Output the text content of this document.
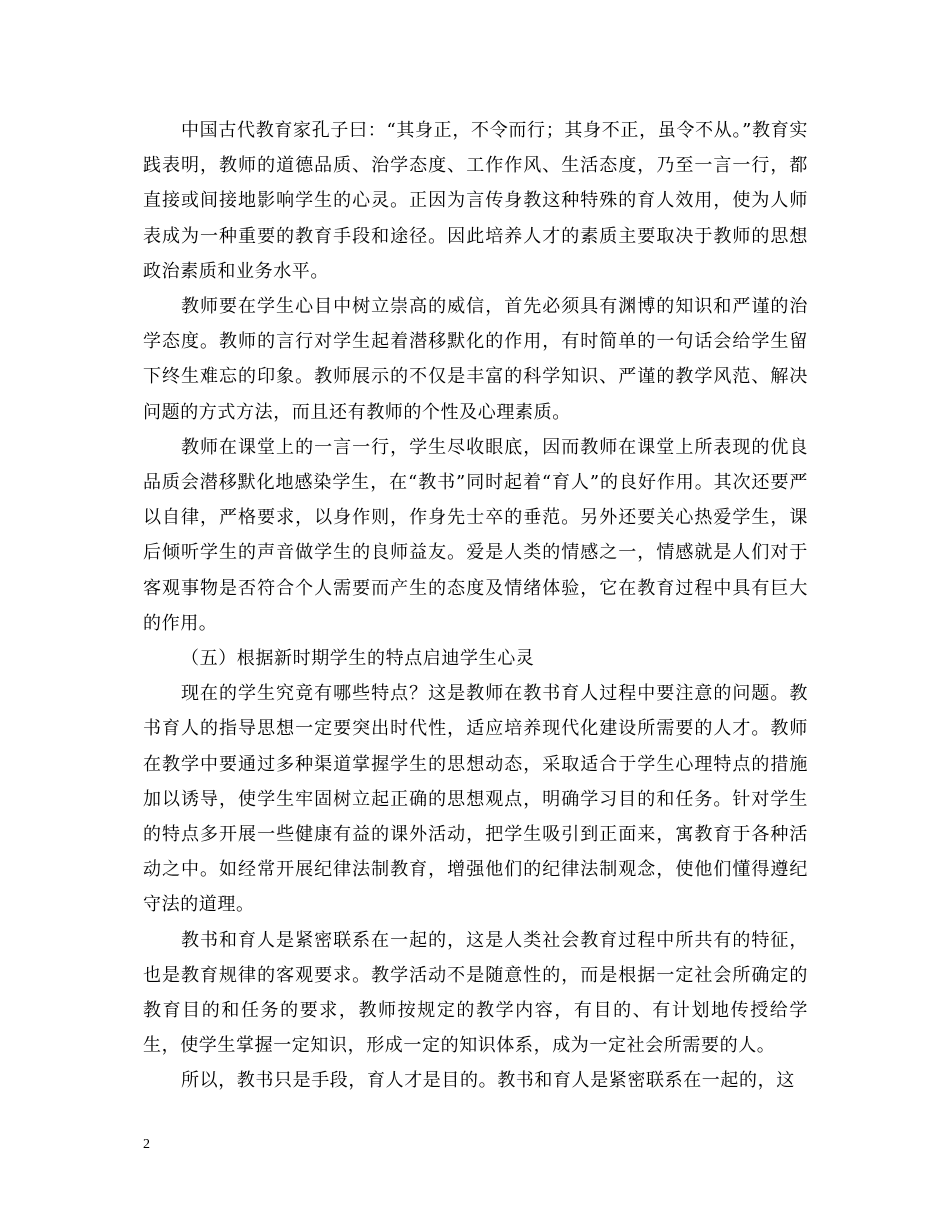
中国古代教育家孔子曰：“其身正，不令而行；其身不正，虽令不从。”教育实践表明，教师的道德品质、治学态度、工作作风、生活态度，乃至一言一行，都直接或间接地影响学生的心灵。正因为言传身教这种特殊的育人效用，使为人师表成为一种重要的教育手段和途径。因此培养人才的素质主要取决于教师的思想政治素质和业务水平。

教师要在学生心目中树立崇高的威信，首先必须具有渊博的知识和严谨的治学态度。教师的言行对学生起着潜移默化的作用，有时简单的一句话会给学生留下终生难忘的印象。教师展示的不仅是丰富的科学知识、严谨的教学风范、解决问题的方式方法，而且还有教师的个性及心理素质。

教师在课堂上的一言一行，学生尽收眼底，因而教师在课堂上所表现的优良品质会潜移默化地感染学生，在“教书”同时起着“育人”的良好作用。其次还要严以自律，严格要求，以身作则，作身先士卒的垂范。另外还要关心热爱学生，课后倾听学生的声音做学生的良师益友。爱是人类的情感之一，情感就是人们对于客观事物是否符合个人需要而产生的态度及情绪体验，它在教育过程中具有巨大的作用。

（五）根据新时期学生的特点启迪学生心灵

现在的学生究竟有哪些特点？这是教师在教书育人过程中要注意的问题。教书育人的指导思想一定要突出时代性，适应培养现代化建设所需要的人才。教师在教学中要通过多种渠道掌握学生的思想动态，采取适合于学生心理特点的措施加以诱导，使学生牢固树立起正确的思想观点，明确学习目的和任务。针对学生的特点多开展一些健康有益的课外活动，把学生吸引到正面来，寓教育于各种活动之中。如经常开展纪律法制教育，增强他们的纪律法制观念，使他们懂得遵纪守法的道理。

教书和育人是紧密联系在一起的，这是人类社会教育过程中所共有的特征，也是教育规律的客观要求。教学活动不是随意性的，而是根据一定社会所确定的教育目的和任务的要求，教师按规定的教学内容，有目的、有计划地传授给学生，使学生掌握一定知识，形成一定的知识体系，成为一定社会所需要的人。

所以，教书只是手段，育人才是目的。教书和育人是紧密联系在一起的，这

2
